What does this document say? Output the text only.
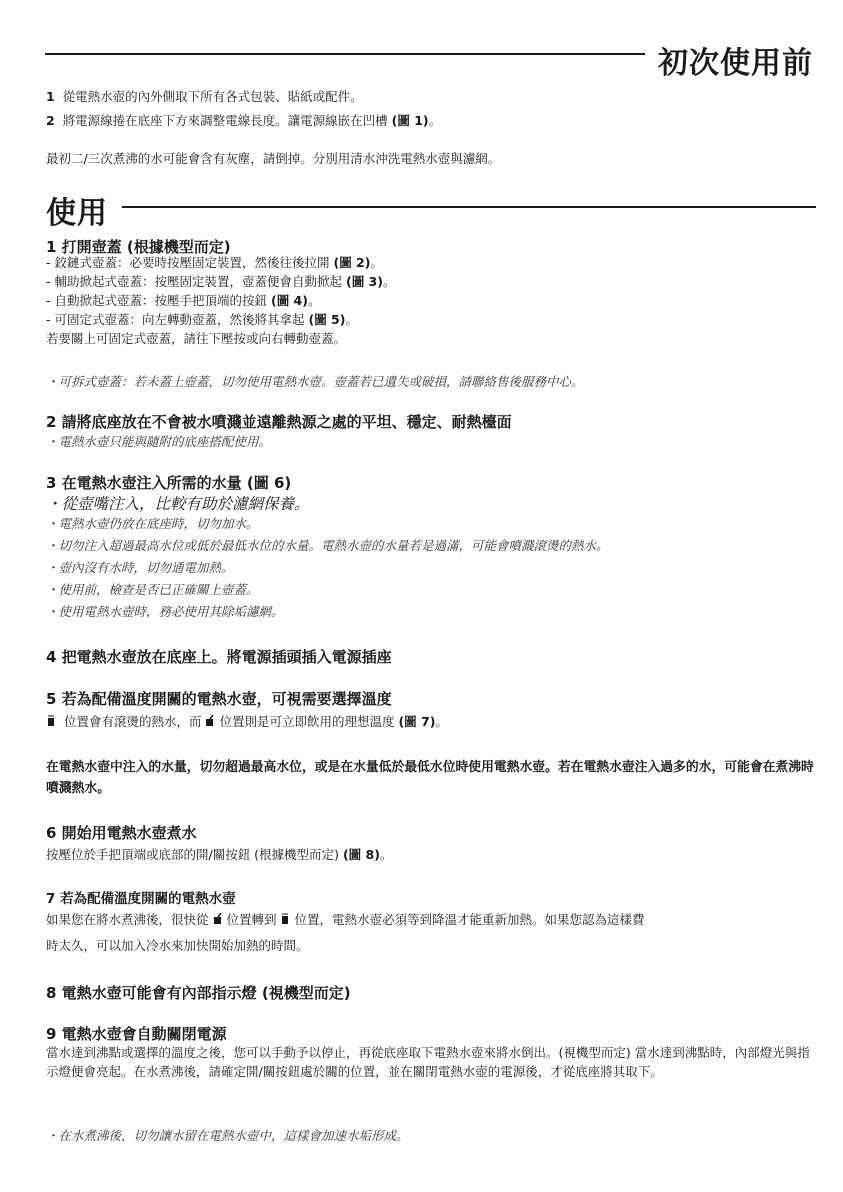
初次使用前
1 從電熱水壺的內外側取下所有各式包裝、貼紙或配件。
2 將電源線捲在底座下方來調整電線長度。讓電源線嵌在凹槽 (圖 1)。
最初二/三次煮沸的水可能會含有灰塵，請倒掉。分別用清水沖洗電熱水壺與濾網。
使用
1 打開壺蓋 (根據機型而定)
- 鉸鏈式壺蓋：必要時按壓固定裝置，然後往後拉開 (圖 2)。
- 輔助掀起式壺蓋：按壓固定裝置，壺蓋便會自動掀起 (圖 3)。
- 自動掀起式壺蓋：按壓手把頂端的按鈕 (圖 4)。
- 可固定式壺蓋：向左轉動壺蓋，然後將其拿起 (圖 5)。
若要關上可固定式壺蓋，請往下壓按或向右轉動壺蓋。
・可拆式壺蓋：若未蓋上壺蓋，切勿使用電熱水壺。壺蓋若已遺失或破損，請聯絡售後服務中心。
2 請將底座放在不會被水噴濺並遠離熱源之處的平坦、穩定、耐熱檯面
・電熱水壺只能與隨附的底座搭配使用。
3 在電熱水壺注入所需的水量 (圖 6)
・從壺嘴注入，比較有助於濾網保養。
・電熱水壺仍放在底座時，切勿加水。
・切勿注入超過最高水位或低於最低水位的水量。電熱水壺的水量若是過滿，可能會噴濺滾燙的熱水。
・壺內沒有水時，切勿通電加熱。
・使用前，檢查是否已正確關上壺蓋。
・使用電熱水壺時，務必使用其除垢濾網。
4 把電熱水壺放在底座上。將電源插頭插入電源插座
5 若為配備溫度開關的電熱水壺，可視需要選擇溫度
位置會有滾燙的熱水，而 位置則是可立即飲用的理想溫度 (圖 7)。
在電熱水壺中注入的水量，切勿超過最高水位，或是在水量低於最低水位時使用電熱水壺。若在電熱水壺注入過多的水，可能會在煮沸時噴濺熱水。
6 開始用電熱水壺煮水
按壓位於手把頂端或底部的開/關按鈕 (根據機型而定) (圖 8)。
7 若為配備溫度開關的電熱水壺
如果您在將水煮沸後，很快從 位置轉到 位置，電熱水壺必須等到降溫才能重新加熱。如果您認為這樣費
時太久，可以加入冷水來加快開始加熱的時間。
8 電熱水壺可能會有內部指示燈 (視機型而定)
9 電熱水壺會自動關閉電源
當水達到沸點或選擇的溫度之後，您可以手動予以停止，再從底座取下電熱水壺來將水倒出。(視機型而定) 當水達到沸點時，內部燈光與指示燈便會亮起。在水煮沸後，請確定開/關按鈕處於關的位置，並在關閉電熱水壺的電源後，才從底座將其取下。
・在水煮沸後，切勿讓水留在電熱水壺中，這樣會加速水垢形成。
